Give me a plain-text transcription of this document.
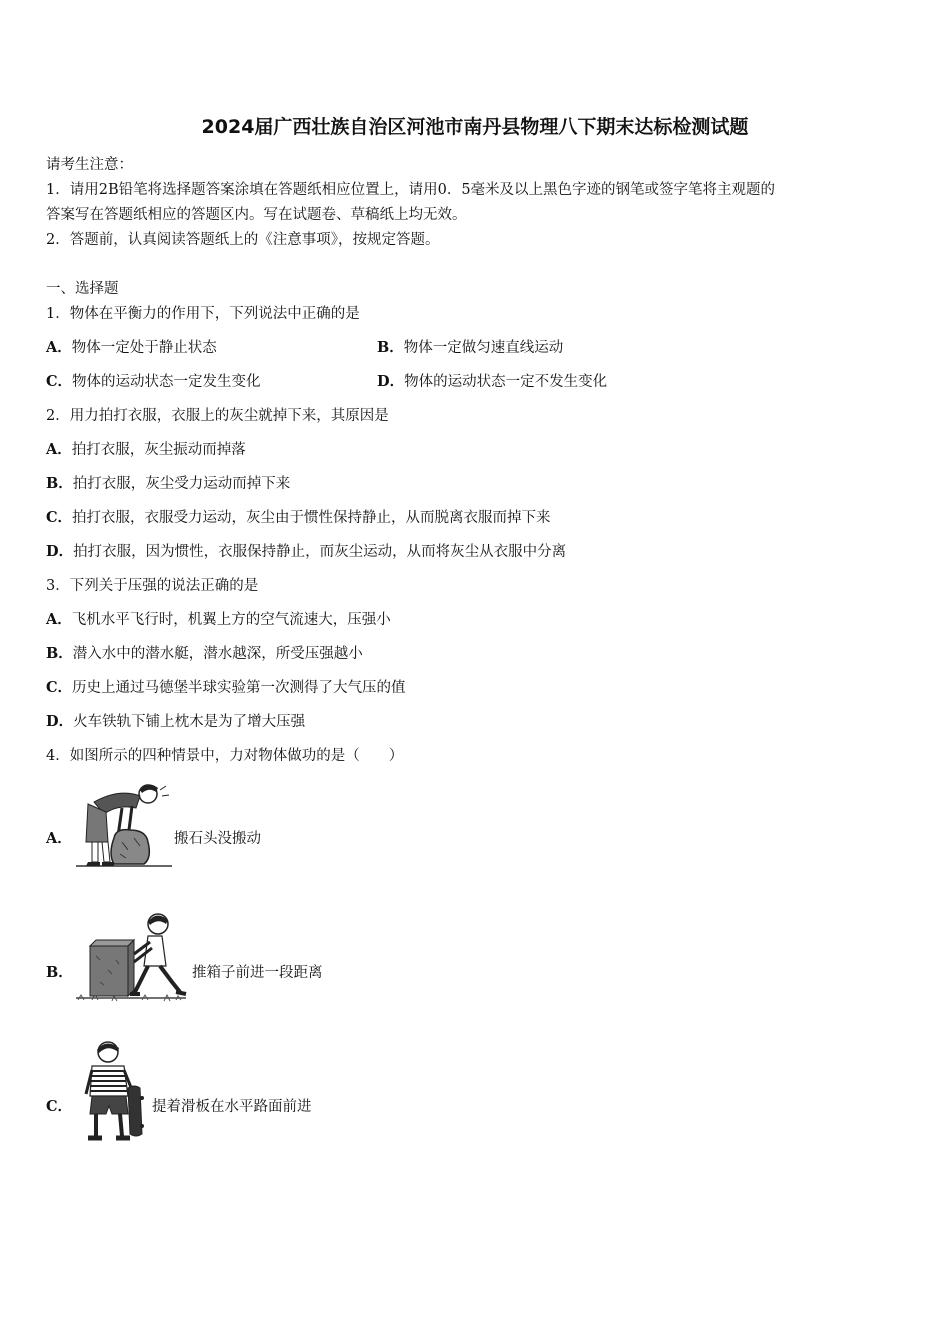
2024届广西壮族自治区河池市南丹县物理八下期末达标检测试题
请考生注意：
1．请用2B铅笔将选择题答案涂填在答题纸相应位置上，请用0．5毫米及以上黑色字迹的钢笔或签字笔将主观题的
答案写在答题纸相应的答题区内。写在试题卷、草稿纸上均无效。
2．答题前，认真阅读答题纸上的《注意事项》，按规定答题。
一、选择题
1．物体在平衡力的作用下，下列说法中正确的是
A．物体一定处于静止状态	B．物体一定做匀速直线运动
C．物体的运动状态一定发生变化	D．物体的运动状态一定不发生变化
2．用力拍打衣服，衣服上的灰尘就掉下来，其原因是
A．拍打衣服，灰尘振动而掉落
B．拍打衣服，灰尘受力运动而掉下来
C．拍打衣服，衣服受力运动，灰尘由于惯性保持静止，从而脱离衣服而掉下来
D．拍打衣服，因为惯性，衣服保持静止，而灰尘运动，从而将灰尘从衣服中分离
3．下列关于压强的说法正确的是
A．飞机水平飞行时，机翼上方的空气流速大，压强小
B．潜入水中的潜水艇，潜水越深，所受压强越小
C．历史上通过马德堡半球实验第一次测得了大气压的值
D．火车铁轨下铺上枕木是为了增大压强
4．如图所示的四种情景中，力对物体做功的是（　　）
A．	搬石头没搬动
B．	推箱子前进一段距离
C．	提着滑板在水平路面前进
